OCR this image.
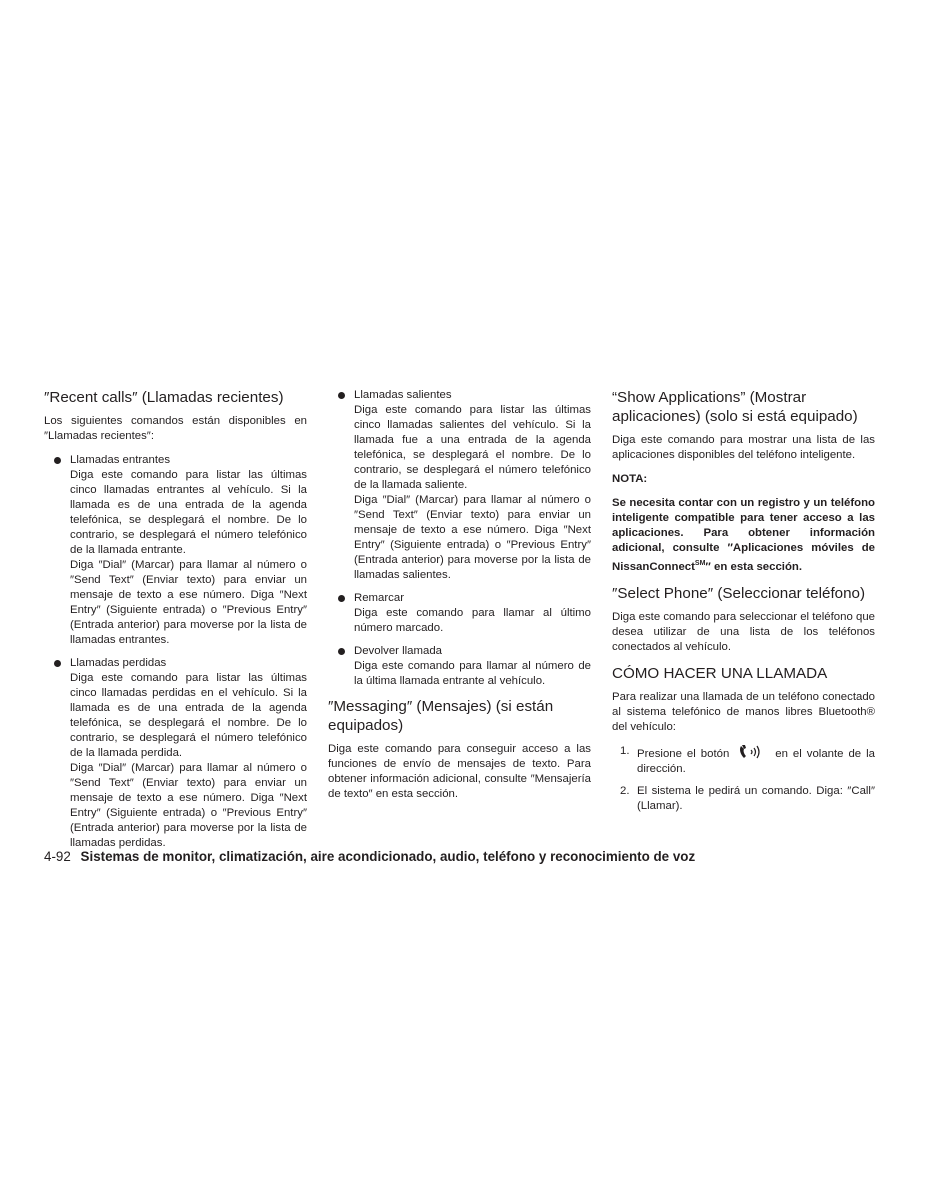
″Recent calls″ (Llamadas recientes)

Los siguientes comandos están disponibles en ″Llamadas recientes″:

Llamadas entrantes
Diga este comando para listar las últimas cinco llamadas entrantes al vehículo. Si la llamada es de una entrada de la agenda telefónica, se desplegará el nombre. De lo contrario, se desplegará el número telefónico de la llamada entrante.
Diga ″Dial″ (Marcar) para llamar al número o ″Send Text″ (Enviar texto) para enviar un mensaje de texto a ese número. Diga ″Next Entry″ (Siguiente entrada) o ″Previous Entry″ (Entrada anterior) para moverse por la lista de llamadas entrantes.
Llamadas perdidas
Diga este comando para listar las últimas cinco llamadas perdidas en el vehículo. Si la llamada es de una entrada de la agenda telefónica, se desplegará el nombre. De lo contrario, se desplegará el número telefónico de la llamada perdida.
Diga ″Dial″ (Marcar) para llamar al número o ″Send Text″ (Enviar texto) para enviar un mensaje de texto a ese número. Diga ″Next Entry″ (Siguiente entrada) o ″Previous Entry″ (Entrada anterior) para moverse por la lista de llamadas perdidas.
Llamadas salientes
Diga este comando para listar las últimas cinco llamadas salientes del vehículo. Si la llamada fue a una entrada de la agenda telefónica, se desplegará el nombre. De lo contrario, se desplegará el número telefónico de la llamada saliente.
Diga ″Dial″ (Marcar) para llamar al número o ″Send Text″ (Enviar texto) para enviar un mensaje de texto a ese número. Diga ″Next Entry″ (Siguiente entrada) o ″Previous Entry″ (Entrada anterior) para moverse por la lista de llamadas salientes.
Remarcar
Diga este comando para llamar al último número marcado.
Devolver llamada
Diga este comando para llamar al número de la última llamada entrante al vehículo.
″Messaging″ (Mensajes) (si están equipados)

Diga este comando para conseguir acceso a las funciones de envío de mensajes de texto. Para obtener información adicional, consulte ″Mensajería de texto″ en esta sección.

“Show Applications” (Mostrar aplicaciones) (solo si está equipado)

Diga este comando para mostrar una lista de las aplicaciones disponibles del teléfono inteligente.

NOTA:
Se necesita contar con un registro y un teléfono inteligente compatible para tener acceso a las aplicaciones. Para obtener información adicional, consulte ″Aplicaciones móviles de NissanConnect℠″ en esta sección.
″Select Phone″ (Seleccionar teléfono)

Diga este comando para seleccionar el teléfono que desea utilizar de una lista de los teléfonos conectados al vehículo.

CÓMO HACER UNA LLAMADA

Para realizar una llamada de un teléfono conectado al sistema telefónico de manos libres Bluetooth® del vehículo:

1. Presione el botón	en el volante de la dirección.
2. El sistema le pedirá un comando. Diga: ″Call″ (Llamar).
4-92 Sistemas de monitor, climatización, aire acondicionado, audio, teléfono y reconocimiento de voz
